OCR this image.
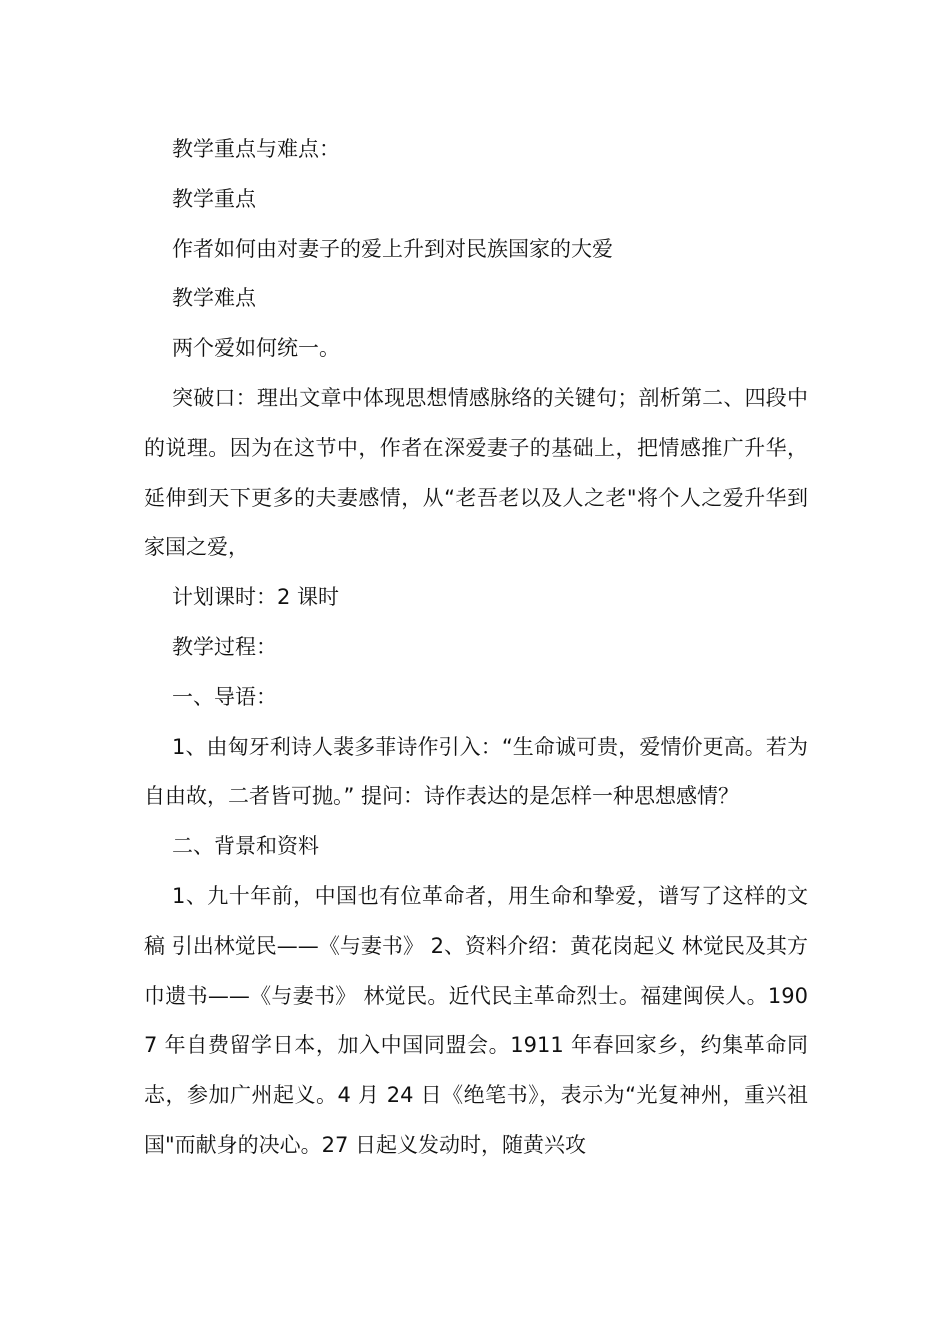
教学重点与难点：

教学重点

作者如何由对妻子的爱上升到对民族国家的大爱

教学难点

两个爱如何统一。

突破口：理出文章中体现思想情感脉络的关键句；剖析第二、四段中的说理。因为在这节中，作者在深爱妻子的基础上，把情感推广升华，延伸到天下更多的夫妻感情，从“老吾老以及人之老"将个人之爱升华到家国之爱，

计划课时：2 课时

教学过程：

一、导语：

1、由匈牙利诗人裴多菲诗作引入：“生命诚可贵，爱情价更高。若为自由故，二者皆可抛。” 提问：诗作表达的是怎样一种思想感情？

二、背景和资料

1、九十年前，中国也有位革命者，用生命和挚爱，谱写了这样的文稿 引出林觉民——《与妻书》 2、资料介绍：黄花岗起义 林觉民及其方巾遗书——《与妻书》 林觉民。近代民主革命烈士。福建闽侯人。1907 年自费留学日本，加入中国同盟会。1911 年春回家乡，约集革命同志，参加广州起义。4 月 24 日《绝笔书》，表示为“光复神州，重兴祖国"而献身的决心。27 日起义发动时，随黄兴攻
